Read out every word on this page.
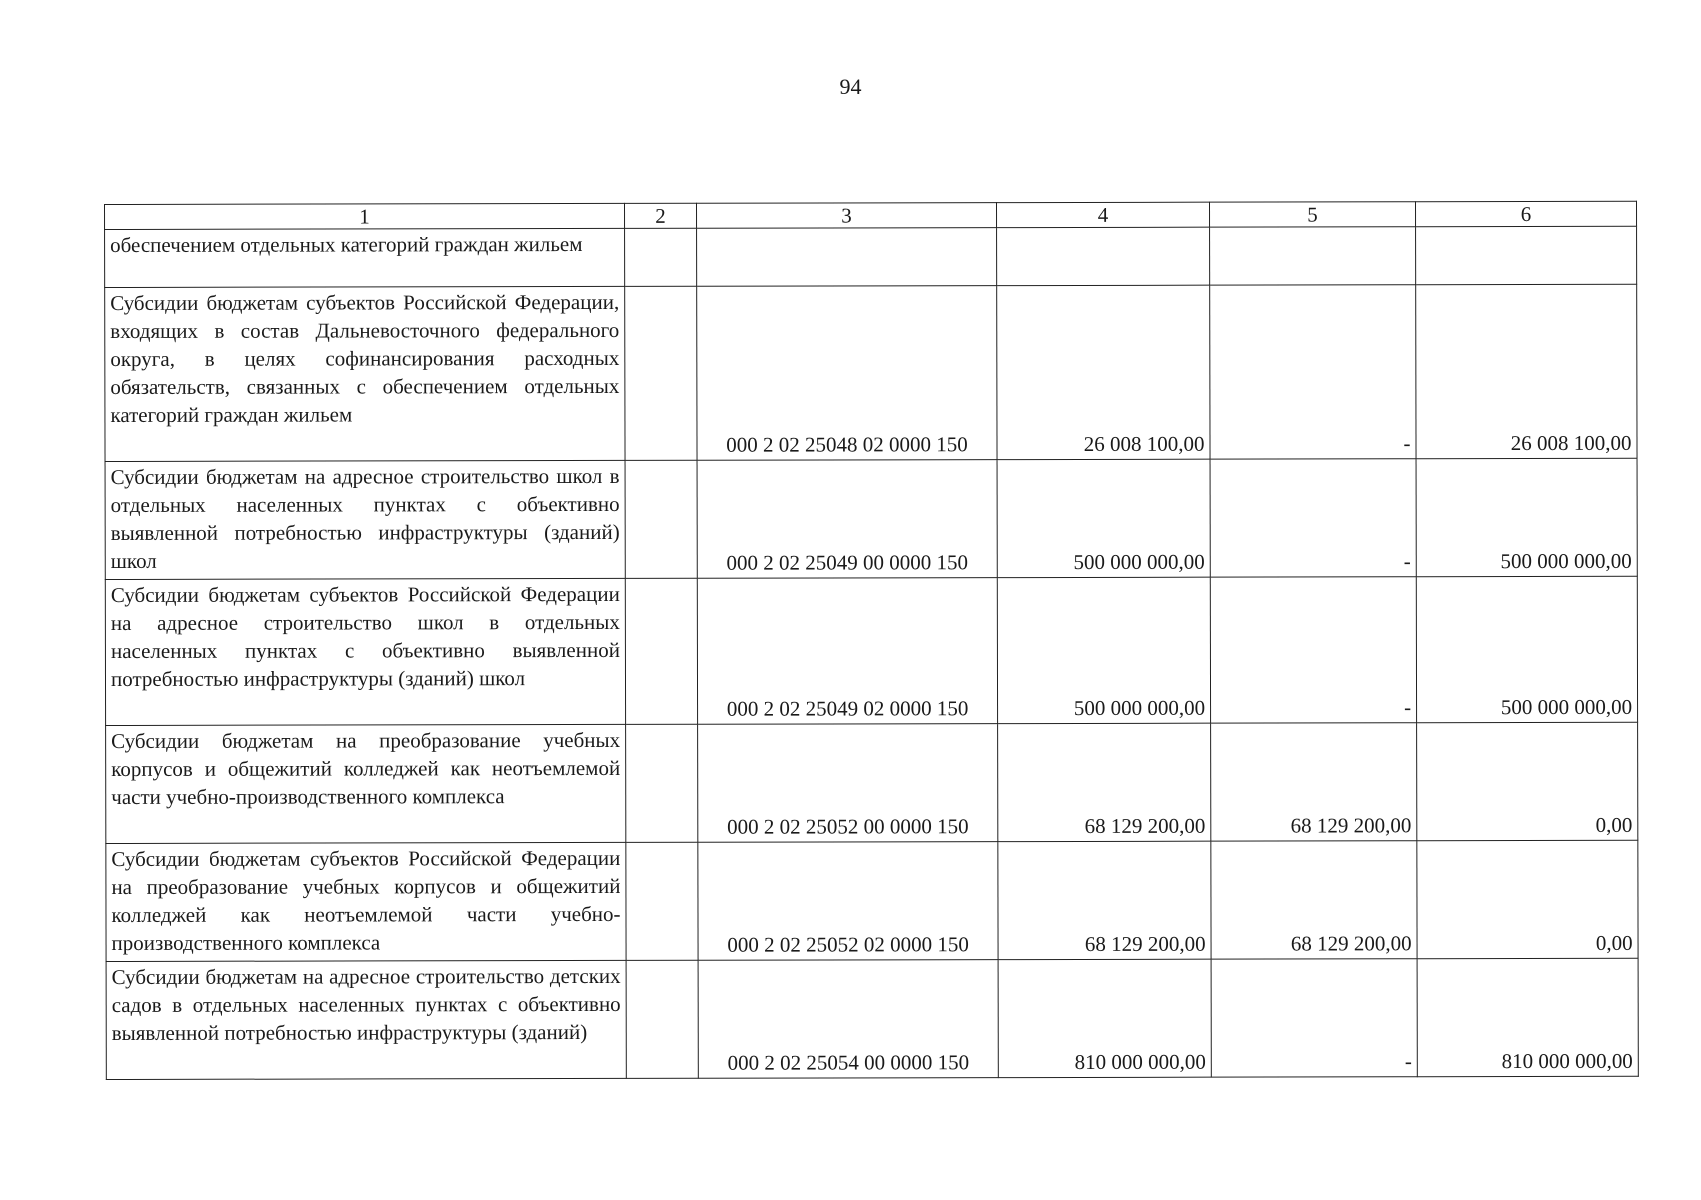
94
1	2	3	4	5	6
обеспечением отдельных категорий граждан жильем					
Субсидии бюджетам субъектов Российской Федерации, входящих в состав Дальневосточного федерального округа, в целях софинансирования расходных обязательств, связанных с обеспечением отдельных категорий граждан жильем		000 2 02 25048 02 0000 150	26 008 100,00	-	26 008 100,00
Субсидии бюджетам на адресное строительство школ в отдельных населенных пунктах с объективно выявленной потребностью инфраструктуры (зданий) школ		000 2 02 25049 00 0000 150	500 000 000,00	-	500 000 000,00
Субсидии бюджетам субъектов Российской Федерации на адресное строительство школ в отдельных населенных пунктах с объективно выявленной потребностью инфраструктуры (зданий) школ		000 2 02 25049 02 0000 150	500 000 000,00	-	500 000 000,00
Субсидии бюджетам на преобразование учебных корпусов и общежитий колледжей как неотъемлемой части учебно-производственного комплекса		000 2 02 25052 00 0000 150	68 129 200,00	68 129 200,00	0,00
Субсидии бюджетам субъектов Российской Федерации на преобразование учебных корпусов и общежитий колледжей как неотъемлемой части учебно-производственного комплекса		000 2 02 25052 02 0000 150	68 129 200,00	68 129 200,00	0,00
Субсидии бюджетам на адресное строительство детских садов в отдельных населенных пунктах с объективно выявленной потребностью инфраструктуры (зданий)		000 2 02 25054 00 0000 150	810 000 000,00	-	810 000 000,00
